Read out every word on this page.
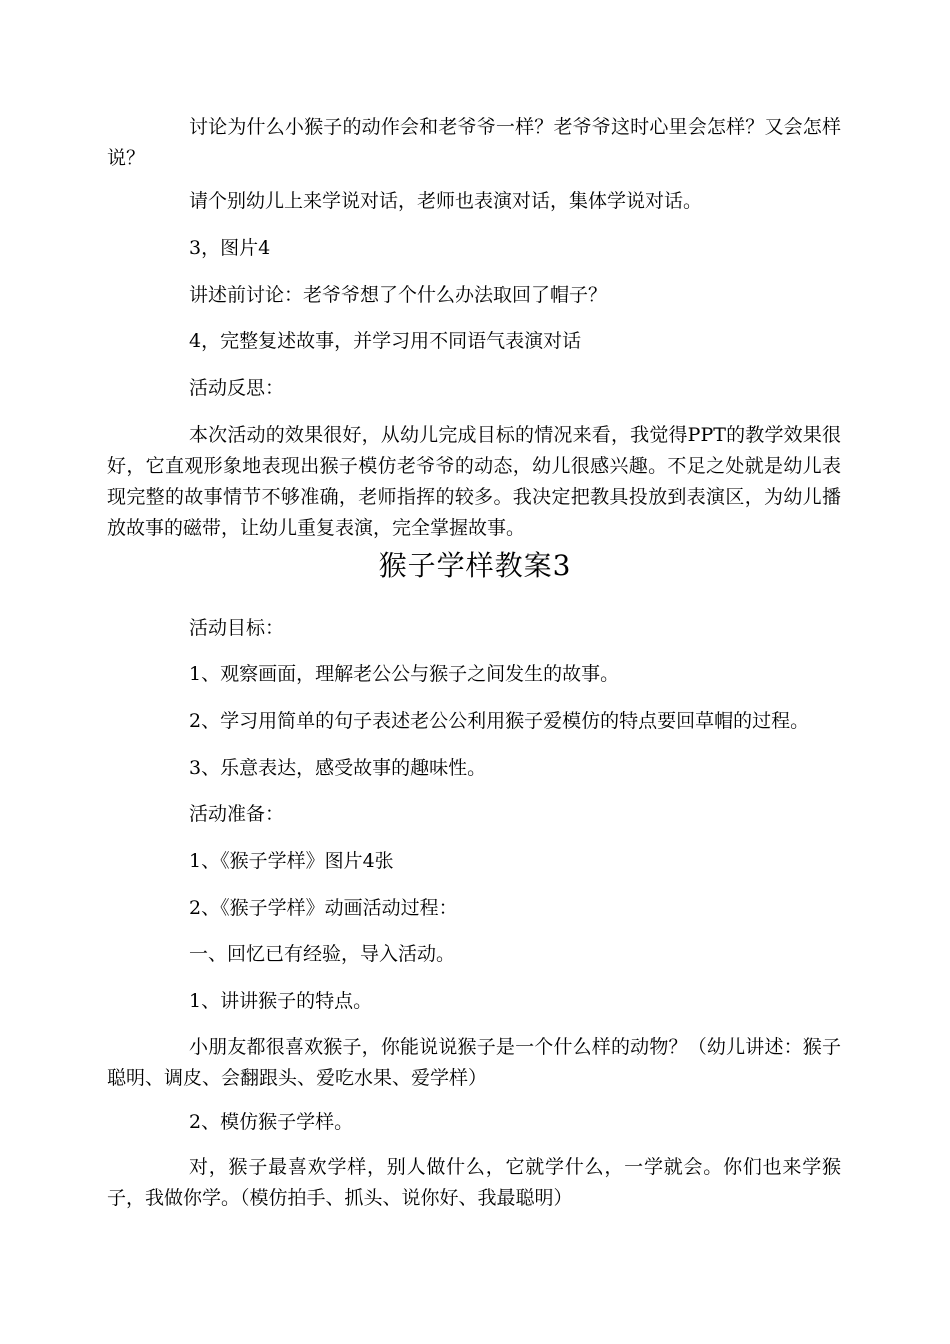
讨论为什么小猴子的动作会和老爷爷一样？老爷爷这时心里会怎样？又会怎样说？
请个别幼儿上来学说对话，老师也表演对话，集体学说对话。
3，图片4
讲述前讨论：老爷爷想了个什么办法取回了帽子？
4，完整复述故事，并学习用不同语气表演对话
活动反思：
本次活动的效果很好，从幼儿完成目标的情况来看，我觉得PPT的教学效果很好，它直观形象地表现出猴子模仿老爷爷的动态，幼儿很感兴趣。不足之处就是幼儿表现完整的故事情节不够准确，老师指挥的较多。我决定把教具投放到表演区，为幼儿播放故事的磁带，让幼儿重复表演，完全掌握故事。
猴子学样教案3
活动目标：
1、观察画面，理解老公公与猴子之间发生的故事。
2、学习用简单的句子表述老公公利用猴子爱模仿的特点要回草帽的过程。
3、乐意表达，感受故事的趣味性。
活动准备：
1、《猴子学样》图片4张
2、《猴子学样》动画活动过程：
一、回忆已有经验，导入活动。
1、讲讲猴子的特点。
小朋友都很喜欢猴子，你能说说猴子是一个什么样的动物？（幼儿讲述：猴子聪明、调皮、会翻跟头、爱吃水果、爱学样）
2、模仿猴子学样。
对，猴子最喜欢学样，别人做什么，它就学什么，一学就会。你们也来学猴子，我做你学。（模仿拍手、抓头、说你好、我最聪明）
